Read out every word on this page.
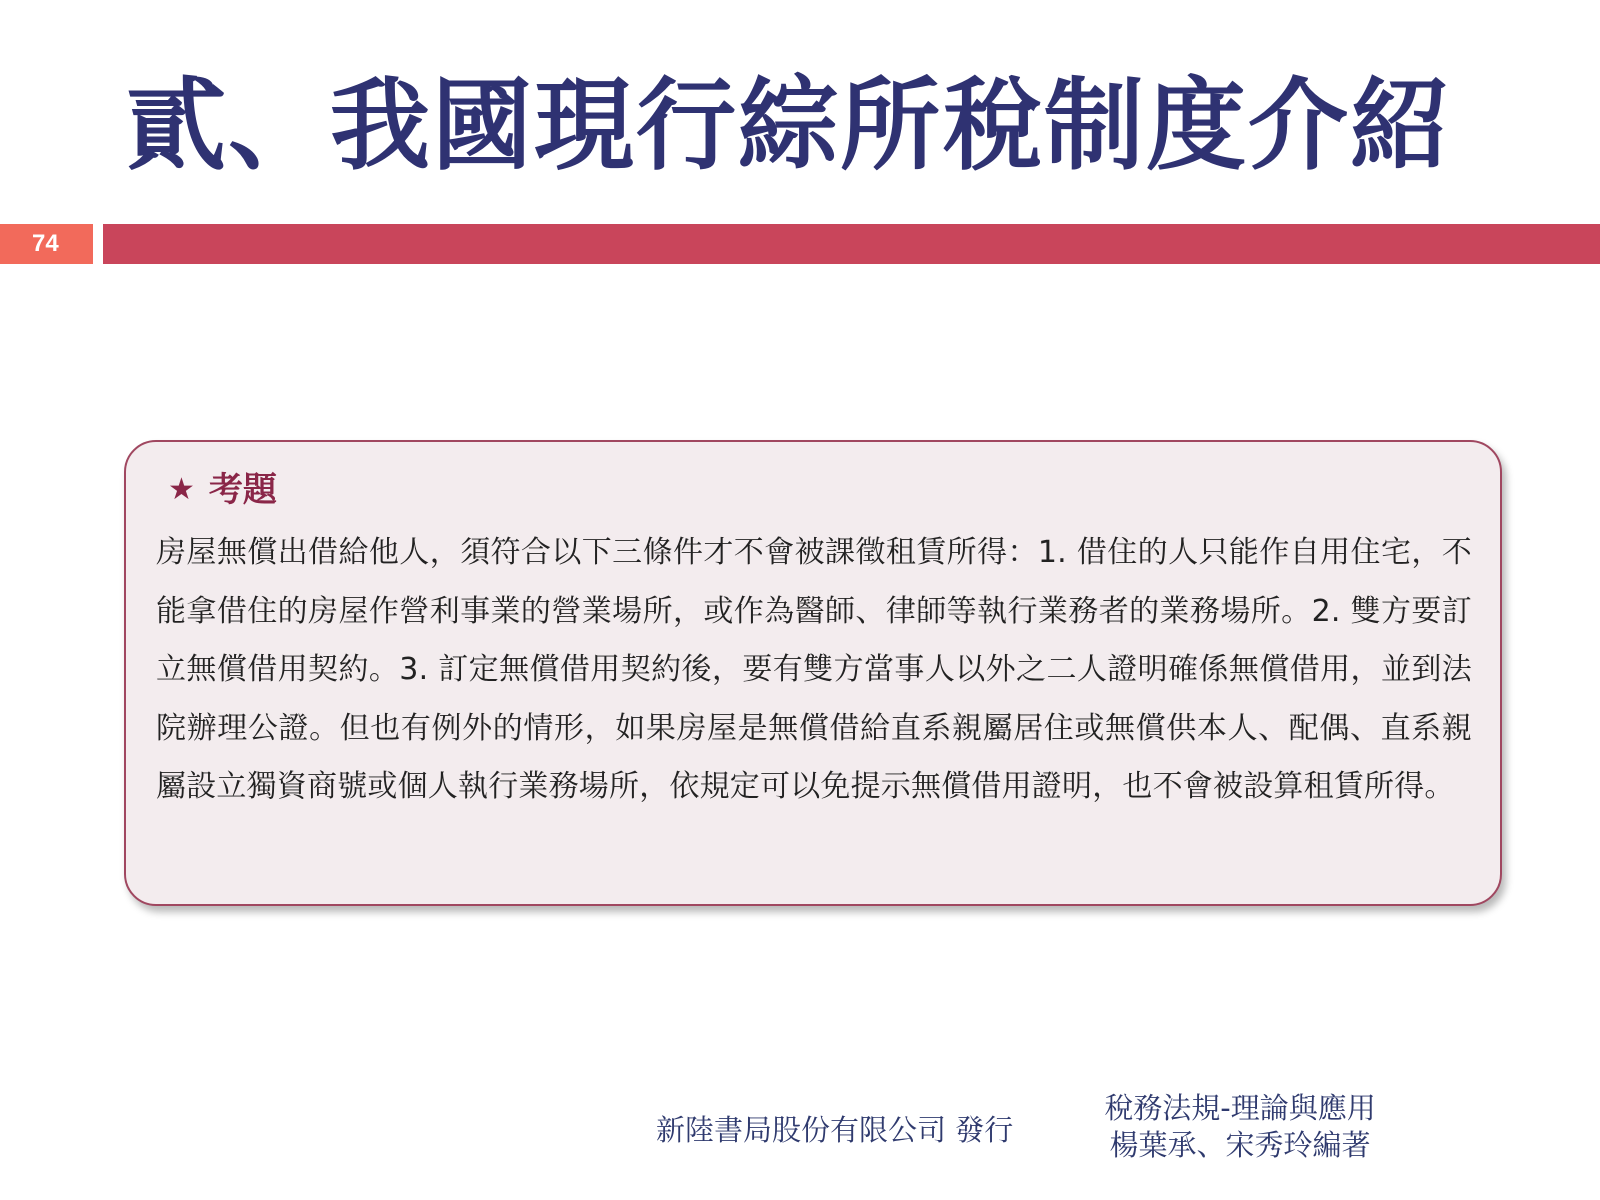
貳、我國現行綜所稅制度介紹
74
★ 考題

房屋無償出借給他人，須符合以下三條件才不會被課徵租賃所得：1. 借住的人只能作自用住宅，不能拿借住的房屋作營利事業的營業場所，或作為醫師、律師等執行業務者的業務場所。2. 雙方要訂立無償借用契約。3. 訂定無償借用契約後，要有雙方當事人以外之二人證明確係無償借用，並到法院辦理公證。但也有例外的情形，如果房屋是無償借給直系親屬居住或無償供本人、配偶、直系親屬設立獨資商號或個人執行業務場所，依規定可以免提示無償借用證明，也不會被設算租賃所得。

新陸書局股份有限公司 發行
稅務法規-理論與應用
楊葉承、宋秀玲編著
